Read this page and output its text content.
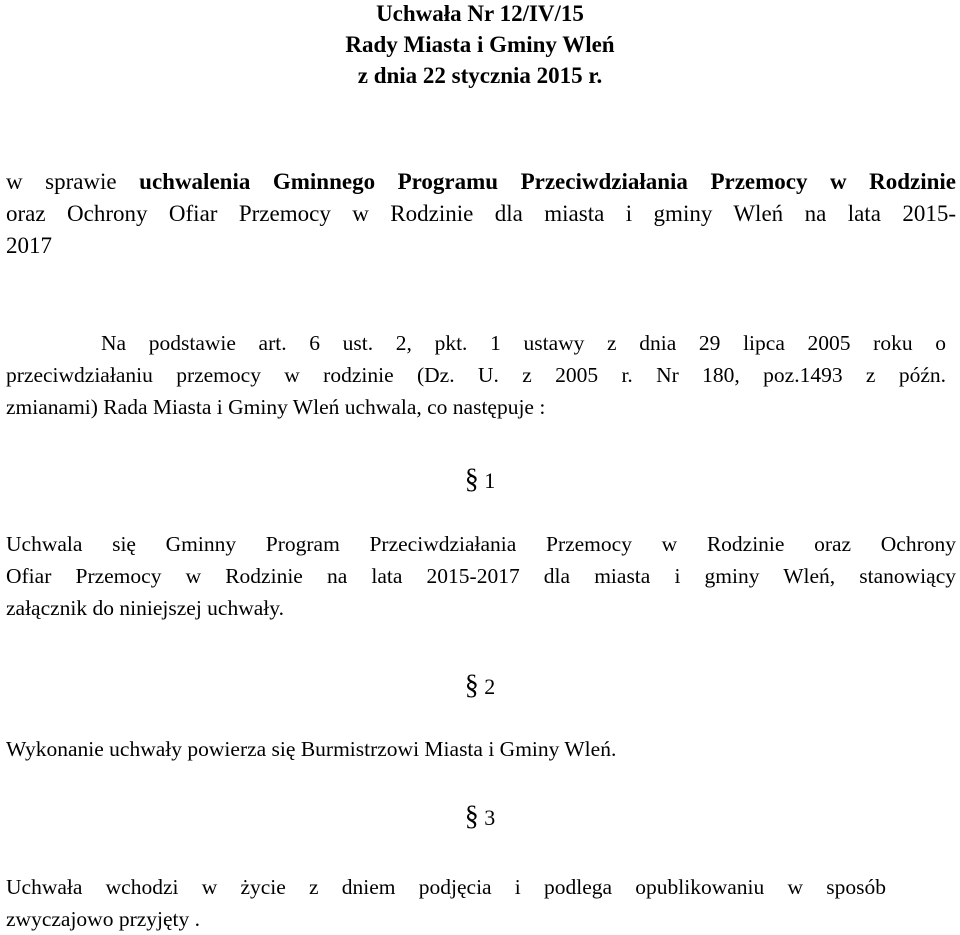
Uchwała Nr 12/IV/15
Rady Miasta i Gminy Wleń
z dnia 22 stycznia 2015 r.

w sprawie uchwalenia Gminnego Programu Przeciwdziałania Przemocy w Rodzinie

oraz Ochrony Ofiar Przemocy w Rodzinie dla miasta i gminy Wleń na lata 2015-

2017

Na podstawie art. 6 ust. 2, pkt. 1 ustawy z dnia 29 lipca 2005 roku o

przeciwdziałaniu przemocy w rodzinie (Dz. U. z 2005 r. Nr 180, poz.1493 z późn.

zmianami) Rada Miasta i Gminy Wleń uchwala, co następuje :

§ 1

Uchwala się Gminny Program Przeciwdziałania Przemocy w Rodzinie oraz Ochrony

Ofiar Przemocy w Rodzinie na lata 2015-2017 dla miasta i gminy Wleń, stanowiący

załącznik do niniejszej uchwały.

§ 2

Wykonanie uchwały powierza się Burmistrzowi Miasta i Gminy Wleń.

§ 3

Uchwała wchodzi w życie z dniem podjęcia i podlega opublikowaniu w sposób

zwyczajowo przyjęty .
